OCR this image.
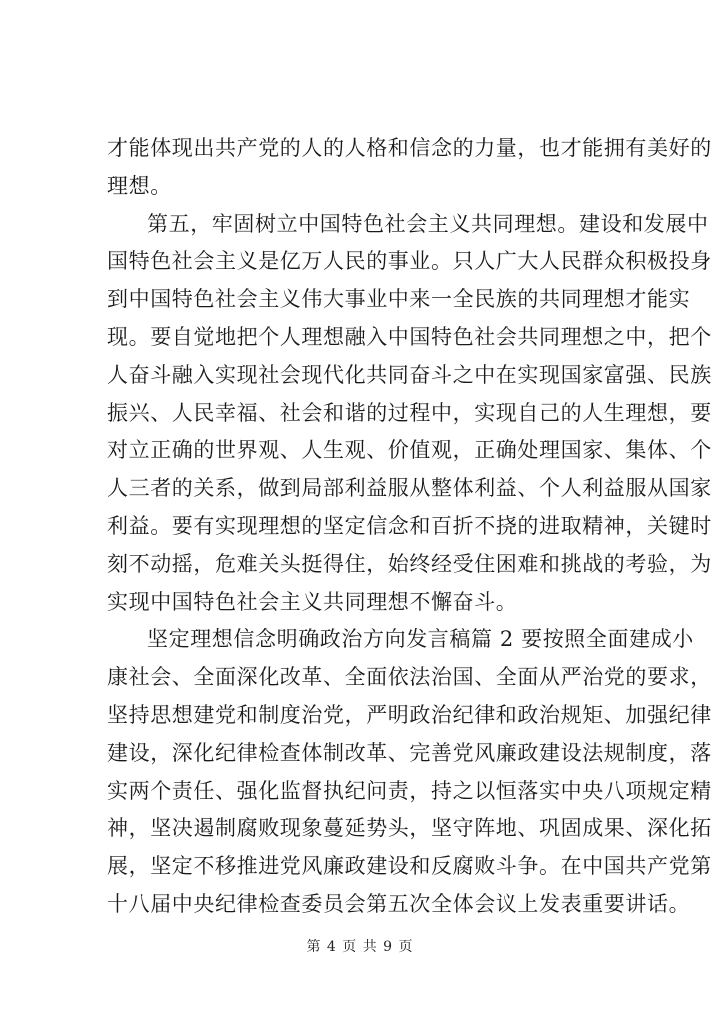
才能体现出共产党的人的人格和信念的力量，也才能拥有美好的
理想。
第五，牢固树立中国特色社会主义共同理想。建设和发展中
国特色社会主义是亿万人民的事业。只人广大人民群众积极投身
到中国特色社会主义伟大事业中来一全民族的共同理想才能实
现。要自觉地把个人理想融入中国特色社会共同理想之中，把个
人奋斗融入实现社会现代化共同奋斗之中在实现国家富强、民族
振兴、人民幸福、社会和谐的过程中，实现自己的人生理想，要
对立正确的世界观、人生观、价值观，正确处理国家、集体、个
人三者的关系，做到局部利益服从整体利益、个人利益服从国家
利益。要有实现理想的坚定信念和百折不挠的进取精神，关键时
刻不动摇，危难关头挺得住，始终经受住困难和挑战的考验，为
实现中国特色社会主义共同理想不懈奋斗。
坚定理想信念明确政治方向发言稿篇 2 要按照全面建成小
康社会、全面深化改革、全面依法治国、全面从严治党的要求，
坚持思想建党和制度治党，严明政治纪律和政治规矩、加强纪律
建设，深化纪律检查体制改革、完善党风廉政建设法规制度，落
实两个责任、强化监督执纪问责，持之以恒落实中央八项规定精
神，坚决遏制腐败现象蔓延势头，坚守阵地、巩固成果、深化拓
展，坚定不移推进党风廉政建设和反腐败斗争。在中国共产党第
十八届中央纪律检查委员会第五次全体会议上发表重要讲话。
第 4 页 共 9 页
